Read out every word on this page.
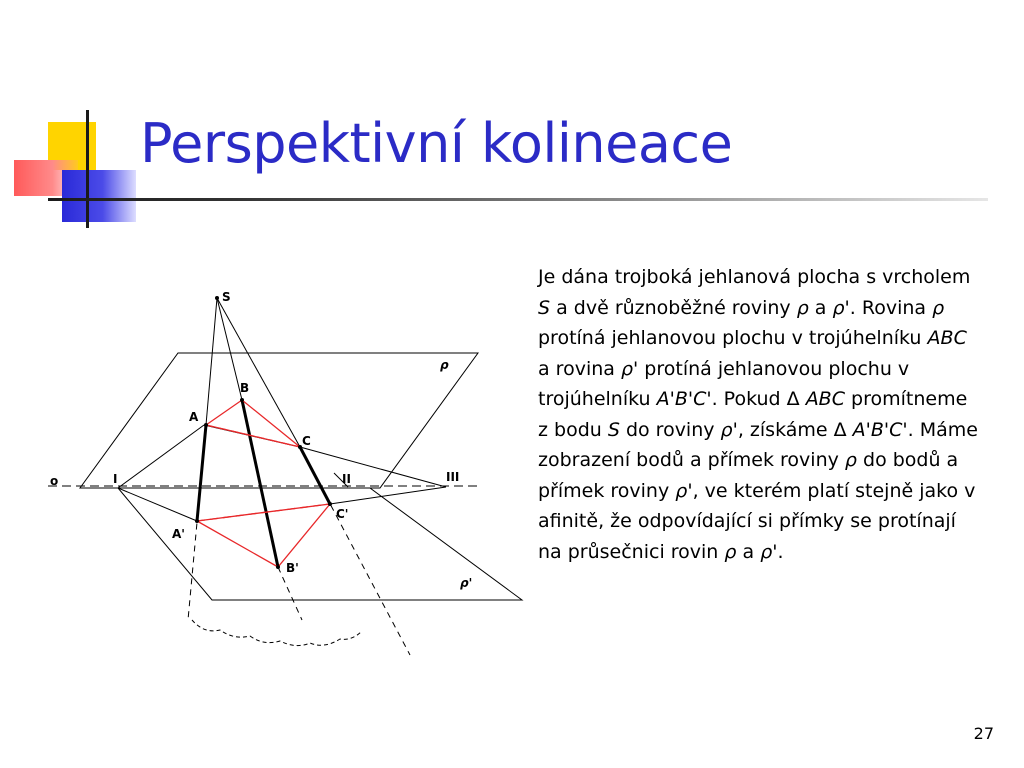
Perspektivní kolineace
S
A
B
C
A'
B'
C'
I	II	III
o
ρ
ρ'
Je dána trojboká jehlanová plocha s vrcholem S a dvě různoběžné roviny ρ a ρ'. Rovina ρ protíná jehlanovou plochu v trojúhelníku ABC a rovina ρ' protíná jehlanovou plochu v trojúhelníku A'B'C'. Pokud Δ ABC promítneme z bodu S do roviny ρ', získáme Δ A'B'C'. Máme zobrazení bodů a přímek roviny ρ do bodů a přímek roviny ρ', ve kterém platí stejně jako v afinitě, že odpovídající si přímky se protínají na průsečnici rovin ρ a ρ'.
27
